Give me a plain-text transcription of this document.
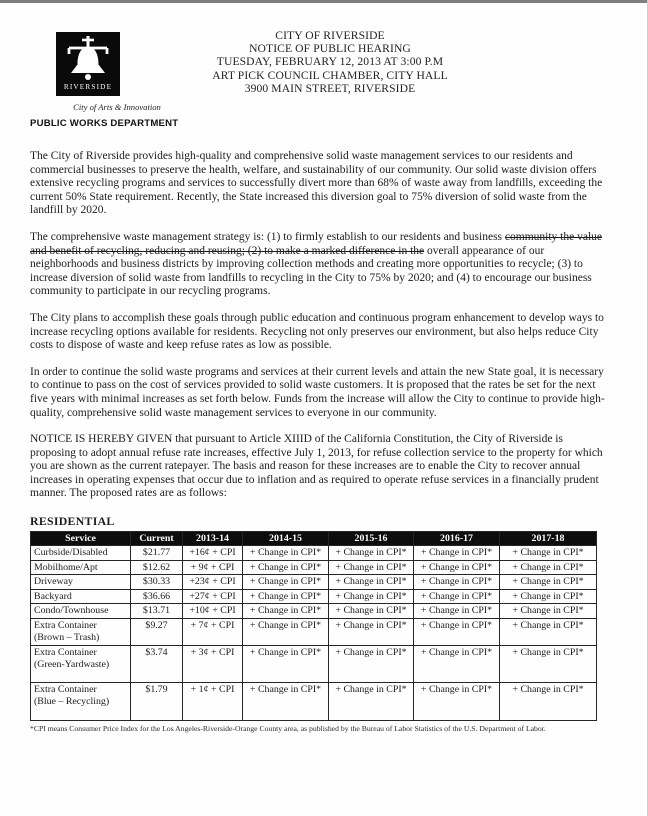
RIVERSIDE
City of Arts & Innovation
PUBLIC WORKS DEPARTMENT
CITY OF RIVERSIDE
NOTICE OF PUBLIC HEARING
TUESDAY, FEBRUARY 12, 2013 AT 3:00 P.M
ART PICK COUNCIL CHAMBER, CITY HALL
3900 MAIN STREET, RIVERSIDE

The City of Riverside provides high-quality and comprehensive solid waste management services to our residents and commercial businesses to preserve the health, welfare, and sustainability of our community. Our solid waste division offers extensive recycling programs and services to successfully divert more than 68% of waste away from landfills, exceeding the current 50% State requirement. Recently, the State increased this diversion goal to 75% diversion of solid waste from the landfill by 2020.

The comprehensive waste management strategy is: (1) to firmly establish to our residents and business community the value and benefit of recycling, reducing and reusing; (2) to make a marked difference in the overall appearance of our neighborhoods and business districts by improving collection methods and creating more opportunities to recycle; (3) to increase diversion of solid waste from landfills to recycling in the City to 75% by 2020; and (4) to encourage our business community to participate in our recycling programs.

The City plans to accomplish these goals through public education and continuous program enhancement to develop ways to increase recycling options available for residents. Recycling not only preserves our environment, but also helps reduce City costs to dispose of waste and keep refuse rates as low as possible.

In order to continue the solid waste programs and services at their current levels and attain the new State goal, it is necessary to continue to pass on the cost of services provided to solid waste customers. It is proposed that the rates be set for the next five years with minimal increases as set forth below. Funds from the increase will allow the City to continue to provide high-quality, comprehensive solid waste management services to everyone in our community.

NOTICE IS HEREBY GIVEN that pursuant to Article XIIID of the California Constitution, the City of Riverside is proposing to adopt annual refuse rate increases, effective July 1, 2013, for refuse collection service to the property for which you are shown as the current ratepayer. The basis and reason for these increases are to enable the City to recover annual increases in operating expenses that occur due to inflation and as required to operate refuse services in a financially prudent manner. The proposed rates are as follows:

RESIDENTIAL
Service	Current	2013-14	2014-15	2015-16	2016-17	2017-18

Curbside/Disabled	$21.77	+16¢ + CPI	+ Change in CPI*	+ Change in CPI*	+ Change in CPI*	+ Change in CPI*

Mobilhome/Apt	$12.62	+ 9¢ + CPI	+ Change in CPI*	+ Change in CPI*	+ Change in CPI*	+ Change in CPI*

Driveway	$30.33	+23¢ + CPI	+ Change in CPI*	+ Change in CPI*	+ Change in CPI*	+ Change in CPI*

Backyard	$36.66	+27¢ + CPI	+ Change in CPI*	+ Change in CPI*	+ Change in CPI*	+ Change in CPI*

Condo/Townhouse	$13.71	+10¢ + CPI	+ Change in CPI*	+ Change in CPI*	+ Change in CPI*	+ Change in CPI*

Extra Container
(Brown – Trash)	$9.27	+ 7¢ + CPI	+ Change in CPI*	+ Change in CPI*	+ Change in CPI*	+ Change in CPI*

Extra Container
(Green-Yardwaste)	$3.74	+ 3¢ + CPI	+ Change in CPI*	+ Change in CPI*	+ Change in CPI*	+ Change in CPI*

Extra Container
(Blue – Recycling)	$1.79	+ 1¢ + CPI	+ Change in CPI*	+ Change in CPI*	+ Change in CPI*	+ Change in CPI*
*CPI means Consumer Price Index for the Los Angeles-Riverside-Orange County area, as published by the Bureau of Labor Statistics of the U.S. Department of Labor.
